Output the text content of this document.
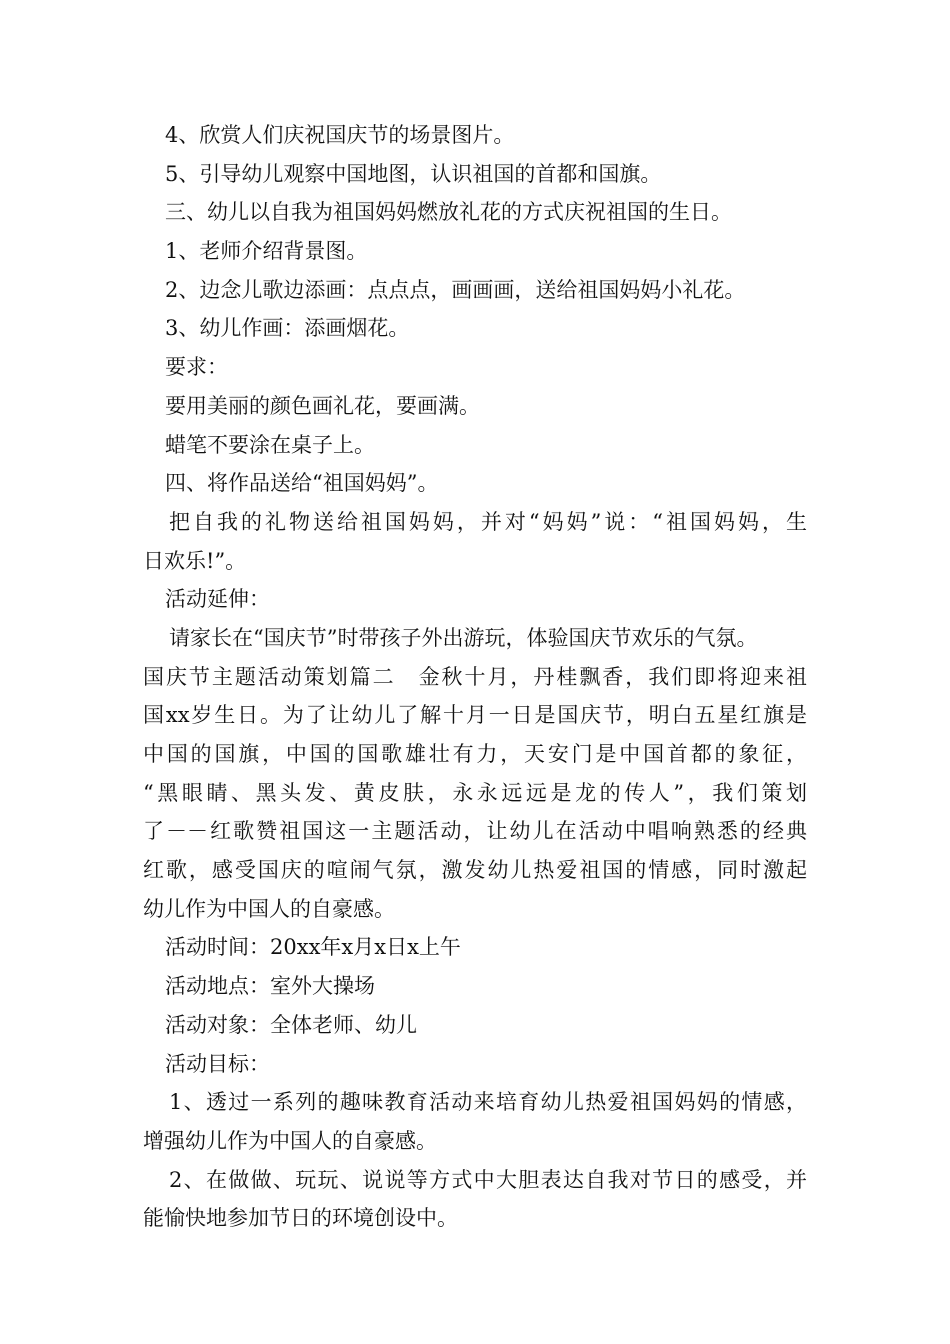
4、欣赏人们庆祝国庆节的场景图片。
5、引导幼儿观察中国地图，认识祖国的首都和国旗。
三、幼儿以自我为祖国妈妈燃放礼花的方式庆祝祖国的生日。
1、老师介绍背景图。
2、边念儿歌边添画：点点点，画画画，送给祖国妈妈小礼花。
3、幼儿作画：添画烟花。
要求：
要用美丽的颜色画礼花，要画满。
蜡笔不要涂在桌子上。
四、将作品送给“祖国妈妈”。
把自我的礼物送给祖国妈妈，并对“妈妈”说：“祖国妈妈，生
日欢乐!”。
活动延伸：
请家长在“国庆节”时带孩子外出游玩，体验国庆节欢乐的气氛。
国庆节主题活动策划篇二　金秋十月，丹桂飘香，我们即将迎来祖
国xx岁生日。为了让幼儿了解十月一日是国庆节，明白五星红旗是
中国的国旗，中国的国歌雄壮有力，天安门是中国首都的象征，
“黑眼睛、黑头发、黄皮肤，永永远远是龙的传人”，我们策划
了－－红歌赞祖国这一主题活动，让幼儿在活动中唱响熟悉的经典
红歌，感受国庆的喧闹气氛，激发幼儿热爱祖国的情感，同时激起
幼儿作为中国人的自豪感。
活动时间：20xx年x月x日x上午
活动地点：室外大操场
活动对象：全体老师、幼儿
活动目标：
1、透过一系列的趣味教育活动来培育幼儿热爱祖国妈妈的情感，
增强幼儿作为中国人的自豪感。
2、在做做、玩玩、说说等方式中大胆表达自我对节日的感受，并
能愉快地参加节日的环境创设中。
